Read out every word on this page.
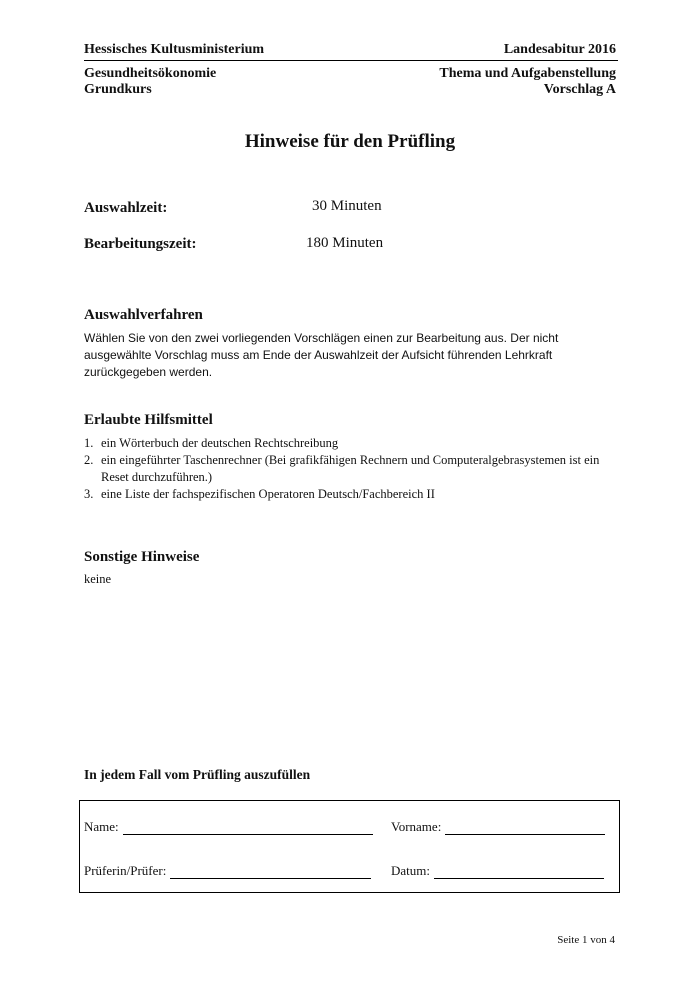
Hessisches Kultusministerium	Landesabitur 2016
Gesundheitsökonomie
Grundkurs
Thema und Aufgabenstellung
Vorschlag A
Hinweise für den Prüfling
Auswahlzeit:	30 Minuten
Bearbeitungszeit:	180 Minuten
Auswahlverfahren
Wählen Sie von den zwei vorliegenden Vorschlägen einen zur Bearbeitung aus. Der nicht ausgewählte Vorschlag muss am Ende der Auswahlzeit der Aufsicht führenden Lehrkraft zurückgegeben werden.
Erlaubte Hilfsmittel
1. ein Wörterbuch der deutschen Rechtschreibung
2. ein eingeführter Taschenrechner (Bei grafikfähigen Rechnern und Computeralgebrasystemen ist ein Reset durchzuführen.)
3. eine Liste der fachspezifischen Operatoren Deutsch/Fachbereich II
Sonstige Hinweise
keine
In jedem Fall vom Prüfling auszufüllen
Name:	Vorname:
Prüferin/Prüfer:	Datum:
Seite 1 von 4
